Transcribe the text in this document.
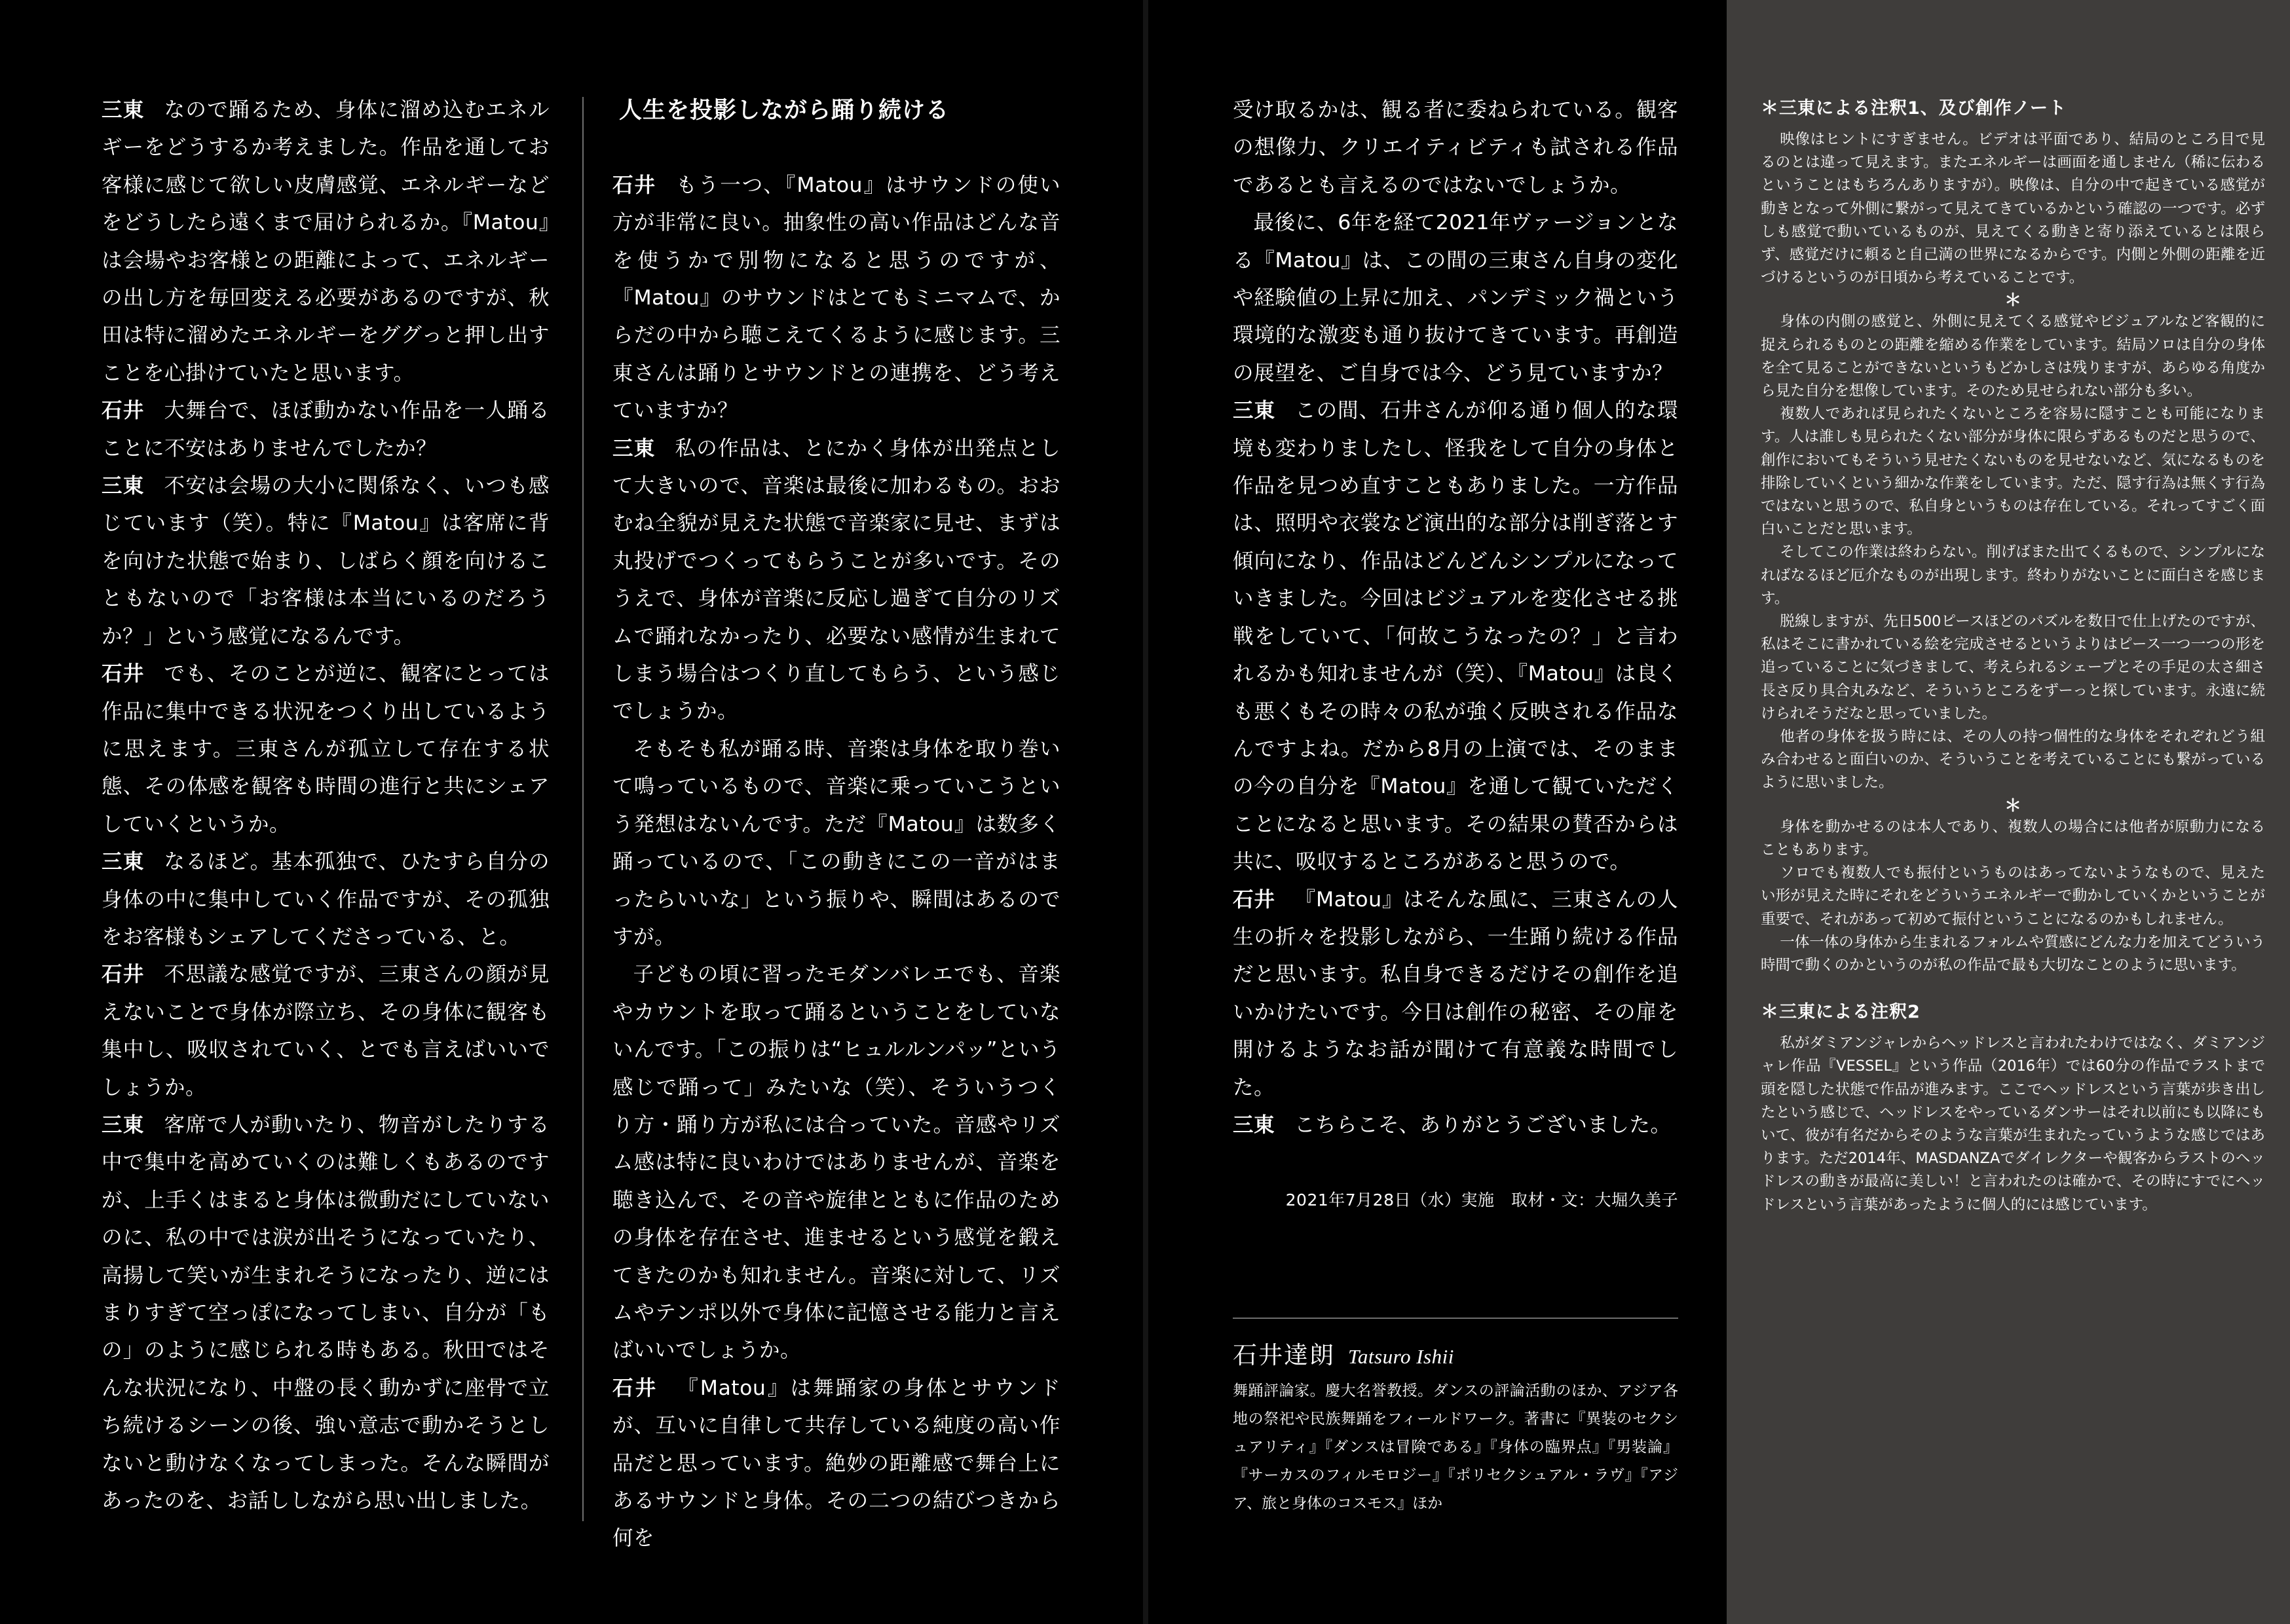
三東 なので踊るため、身体に溜め込むエネルギーをどうするか考えました。作品を通してお客様に感じて欲しい皮膚感覚、エネルギーなどをどうしたら遠くまで届けられるか。『Matou』は会場やお客様との距離によって、エネルギーの出し方を毎回変える必要があるのですが、秋田は特に溜めたエネルギーをググっと押し出すことを心掛けていたと思います。

石井 大舞台で、ほぼ動かない作品を一人踊ることに不安はありませんでしたか？

三東 不安は会場の大小に関係なく、いつも感じています（笑）。特に『Matou』は客席に背を向けた状態で始まり、しばらく顔を向けることもないので「お客様は本当にいるのだろうか？」という感覚になるんです。

石井 でも、そのことが逆に、観客にとっては作品に集中できる状況をつくり出しているように思えます。三東さんが孤立して存在する状態、その体感を観客も時間の進行と共にシェアしていくというか。

三東 なるほど。基本孤独で、ひたすら自分の身体の中に集中していく作品ですが、その孤独をお客様もシェアしてくださっている、と。

石井 不思議な感覚ですが、三東さんの顔が見えないことで身体が際立ち、その身体に観客も集中し、吸収されていく、とでも言えばいいでしょうか。

三東 客席で人が動いたり、物音がしたりする中で集中を高めていくのは難しくもあるのですが、上手くはまると身体は微動だにしていないのに、私の中では涙が出そうになっていたり、高揚して笑いが生まれそうになったり、逆にはまりすぎて空っぽになってしまい、自分が「もの」のように感じられる時もある。秋田ではそんな状況になり、中盤の長く動かずに座骨で立ち続けるシーンの後、強い意志で動かそうとしないと動けなくなってしまった。そんな瞬間があったのを、お話ししながら思い出しました。

人生を投影しながら踊り続ける

石井 もう一つ、『Matou』はサウンドの使い方が非常に良い。抽象性の高い作品はどんな音を使うかで別物になると思うのですが、『Matou』のサウンドはとてもミニマムで、からだの中から聴こえてくるように感じます。三東さんは踊りとサウンドとの連携を、どう考えていますか？

三東 私の作品は、とにかく身体が出発点として大きいので、音楽は最後に加わるもの。おおむね全貌が見えた状態で音楽家に見せ、まずは丸投げでつくってもらうことが多いです。そのうえで、身体が音楽に反応し過ぎて自分のリズムで踊れなかったり、必要ない感情が生まれてしまう場合はつくり直してもらう、という感じでしょうか。

そもそも私が踊る時、音楽は身体を取り巻いて鳴っているもので、音楽に乗っていこうという発想はないんです。ただ『Matou』は数多く踊っているので、「この動きにこの一音がはまったらいいな」という振りや、瞬間はあるのですが。

子どもの頃に習ったモダンバレエでも、音楽やカウントを取って踊るということをしていないんです。「この振りは“ヒュルルンパッ”という感じで踊って」みたいな（笑）、そういうつくり方・踊り方が私には合っていた。音感やリズム感は特に良いわけではありませんが、音楽を聴き込んで、その音や旋律とともに作品のための身体を存在させ、進ませるという感覚を鍛えてきたのかも知れません。音楽に対して、リズムやテンポ以外で身体に記憶させる能力と言えばいいでしょうか。

石井 『Matou』は舞踊家の身体とサウンドが、互いに自律して共存している純度の高い作品だと思っています。絶妙の距離感で舞台上にあるサウンドと身体。その二つの結びつきから何を

受け取るかは、観る者に委ねられている。観客の想像力、クリエイティビティも試される作品であるとも言えるのではないでしょうか。

最後に、6年を経て2021年ヴァージョンとなる『Matou』は、この間の三東さん自身の変化や経験値の上昇に加え、パンデミック禍という環境的な激変も通り抜けてきています。再創造の展望を、ご自身では今、どう見ていますか？

三東 この間、石井さんが仰る通り個人的な環境も変わりましたし、怪我をして自分の身体と作品を見つめ直すこともありました。一方作品は、照明や衣裳など演出的な部分は削ぎ落とす傾向になり、作品はどんどんシンプルになっていきました。今回はビジュアルを変化させる挑戦をしていて、「何故こうなったの？」と言われるかも知れませんが（笑）、『Matou』は良くも悪くもその時々の私が強く反映される作品なんですよね。だから8月の上演では、そのままの今の自分を『Matou』を通して観ていただくことになると思います。その結果の賛否からは共に、吸収するところがあると思うので。

石井 『Matou』はそんな風に、三東さんの人生の折々を投影しながら、一生踊り続ける作品だと思います。私自身できるだけその創作を追いかけたいです。今日は創作の秘密、その扉を開けるようなお話が聞けて有意義な時間でした。

三東 こちらこそ、ありがとうございました。

2021年7月28日（水）実施　取材・文：大堀久美子
石井達朗 Tatsuro Ishii

舞踊評論家。慶大名誉教授。ダンスの評論活動のほか、アジア各地の祭祀や民族舞踊をフィールドワーク。著書に『異装のセクシュアリティ』『ダンスは冒険である』『身体の臨界点』『男装論』『サーカスのフィルモロジー』『ポリセクシュアル・ラヴ』『アジア、旅と身体のコスモス』ほか

＊三東による注釈1、及び創作ノート

映像はヒントにすぎません。ビデオは平面であり、結局のところ目で見るのとは違って見えます。またエネルギーは画面を通しません（稀に伝わるということはもちろんありますが）。映像は、自分の中で起きている感覚が動きとなって外側に繋がって見えてきているかという確認の一つです。必ずしも感覚で動いているものが、見えてくる動きと寄り添えているとは限らず、感覚だけに頼ると自己満の世界になるからです。内側と外側の距離を近づけるというのが日頃から考えていることです。

＊

身体の内側の感覚と、外側に見えてくる感覚やビジュアルなど客観的に捉えられるものとの距離を縮める作業をしています。結局ソロは自分の身体を全て見ることができないというもどかしさは残りますが、あらゆる角度から見た自分を想像しています。そのため見せられない部分も多い。

複数人であれば見られたくないところを容易に隠すことも可能になります。人は誰しも見られたくない部分が身体に限らずあるものだと思うので、創作においてもそういう見せたくないものを見せないなど、気になるものを排除していくという細かな作業をしています。ただ、隠す行為は無くす行為ではないと思うので、私自身というものは存在している。それってすごく面白いことだと思います。

そしてこの作業は終わらない。削げばまた出てくるもので、シンプルになればなるほど厄介なものが出現します。終わりがないことに面白さを感じます。

脱線しますが、先日500ピースほどのパズルを数日で仕上げたのですが、私はそこに書かれている絵を完成させるというよりはピース一つ一つの形を追っていることに気づきまして、考えられるシェープとその手足の太さ細さ長さ反り具合丸みなど、そういうところをずーっと探しています。永遠に続けられそうだなと思っていました。

他者の身体を扱う時には、その人の持つ個性的な身体をそれぞれどう組み合わせると面白いのか、そういうことを考えていることにも繋がっているように思いました。

＊

身体を動かせるのは本人であり、複数人の場合には他者が原動力になることもあります。

ソロでも複数人でも振付というものはあってないようなもので、見えたい形が見えた時にそれをどういうエネルギーで動かしていくかということが重要で、それがあって初めて振付ということになるのかもしれません。

一体一体の身体から生まれるフォルムや質感にどんな力を加えてどういう時間で動くのかというのが私の作品で最も大切なことのように思います。

＊三東による注釈2

私がダミアンジャレからヘッドレスと言われたわけではなく、ダミアンジャレ作品『VESSEL』という作品（2016年）では60分の作品でラストまで頭を隠した状態で作品が進みます。ここでヘッドレスという言葉が歩き出したという感じで、ヘッドレスをやっているダンサーはそれ以前にも以降にもいて、彼が有名だからそのような言葉が生まれたっていうような感じではあります。ただ2014年、MASDANZAでダイレクターや観客からラストのヘッドレスの動きが最高に美しい！と言われたのは確かで、その時にすでにヘッドレスという言葉があったように個人的には感じています。
